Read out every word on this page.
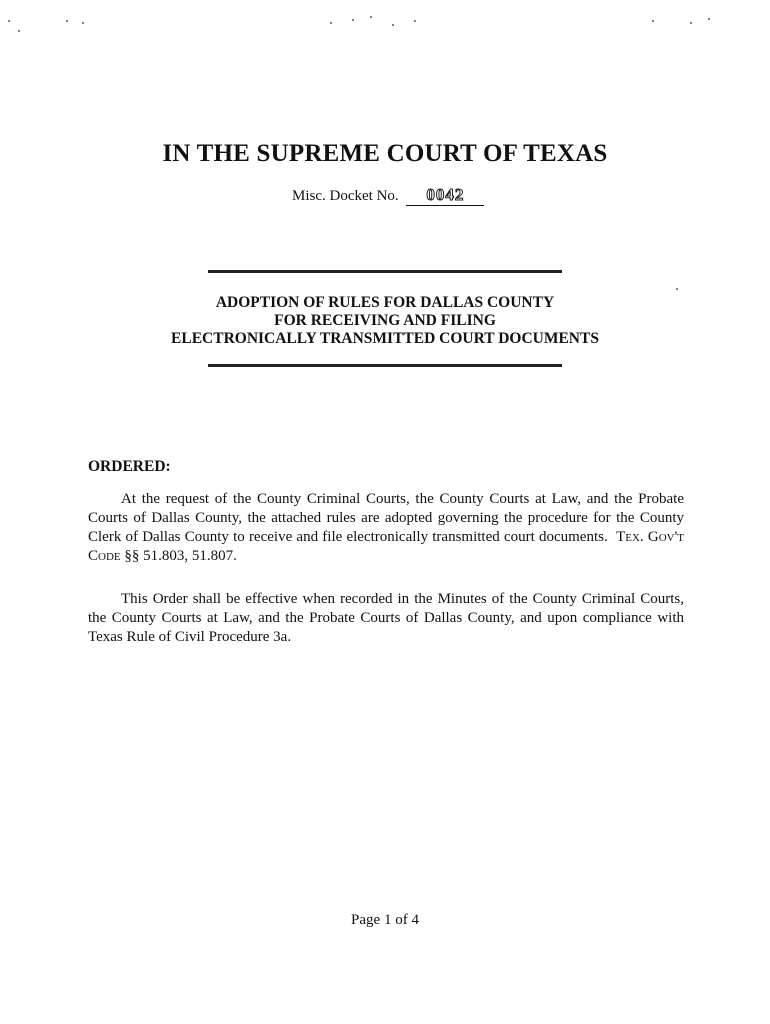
IN THE SUPREME COURT OF TEXAS
Misc. Docket No. 0042
ADOPTION OF RULES FOR DALLAS COUNTY
FOR RECEIVING AND FILING
ELECTRONICALLY TRANSMITTED COURT DOCUMENTS
ORDERED:

At the request of the County Criminal Courts, the County Courts at Law, and the Probate Courts of Dallas County, the attached rules are adopted governing the procedure for the County Clerk of Dallas County to receive and file electronically transmitted court documents. Tex. Gov't Code §§ 51.803, 51.807.

This Order shall be effective when recorded in the Minutes of the County Criminal Courts, the County Courts at Law, and the Probate Courts of Dallas County, and upon compliance with Texas Rule of Civil Procedure 3a.

Page 1 of 4
